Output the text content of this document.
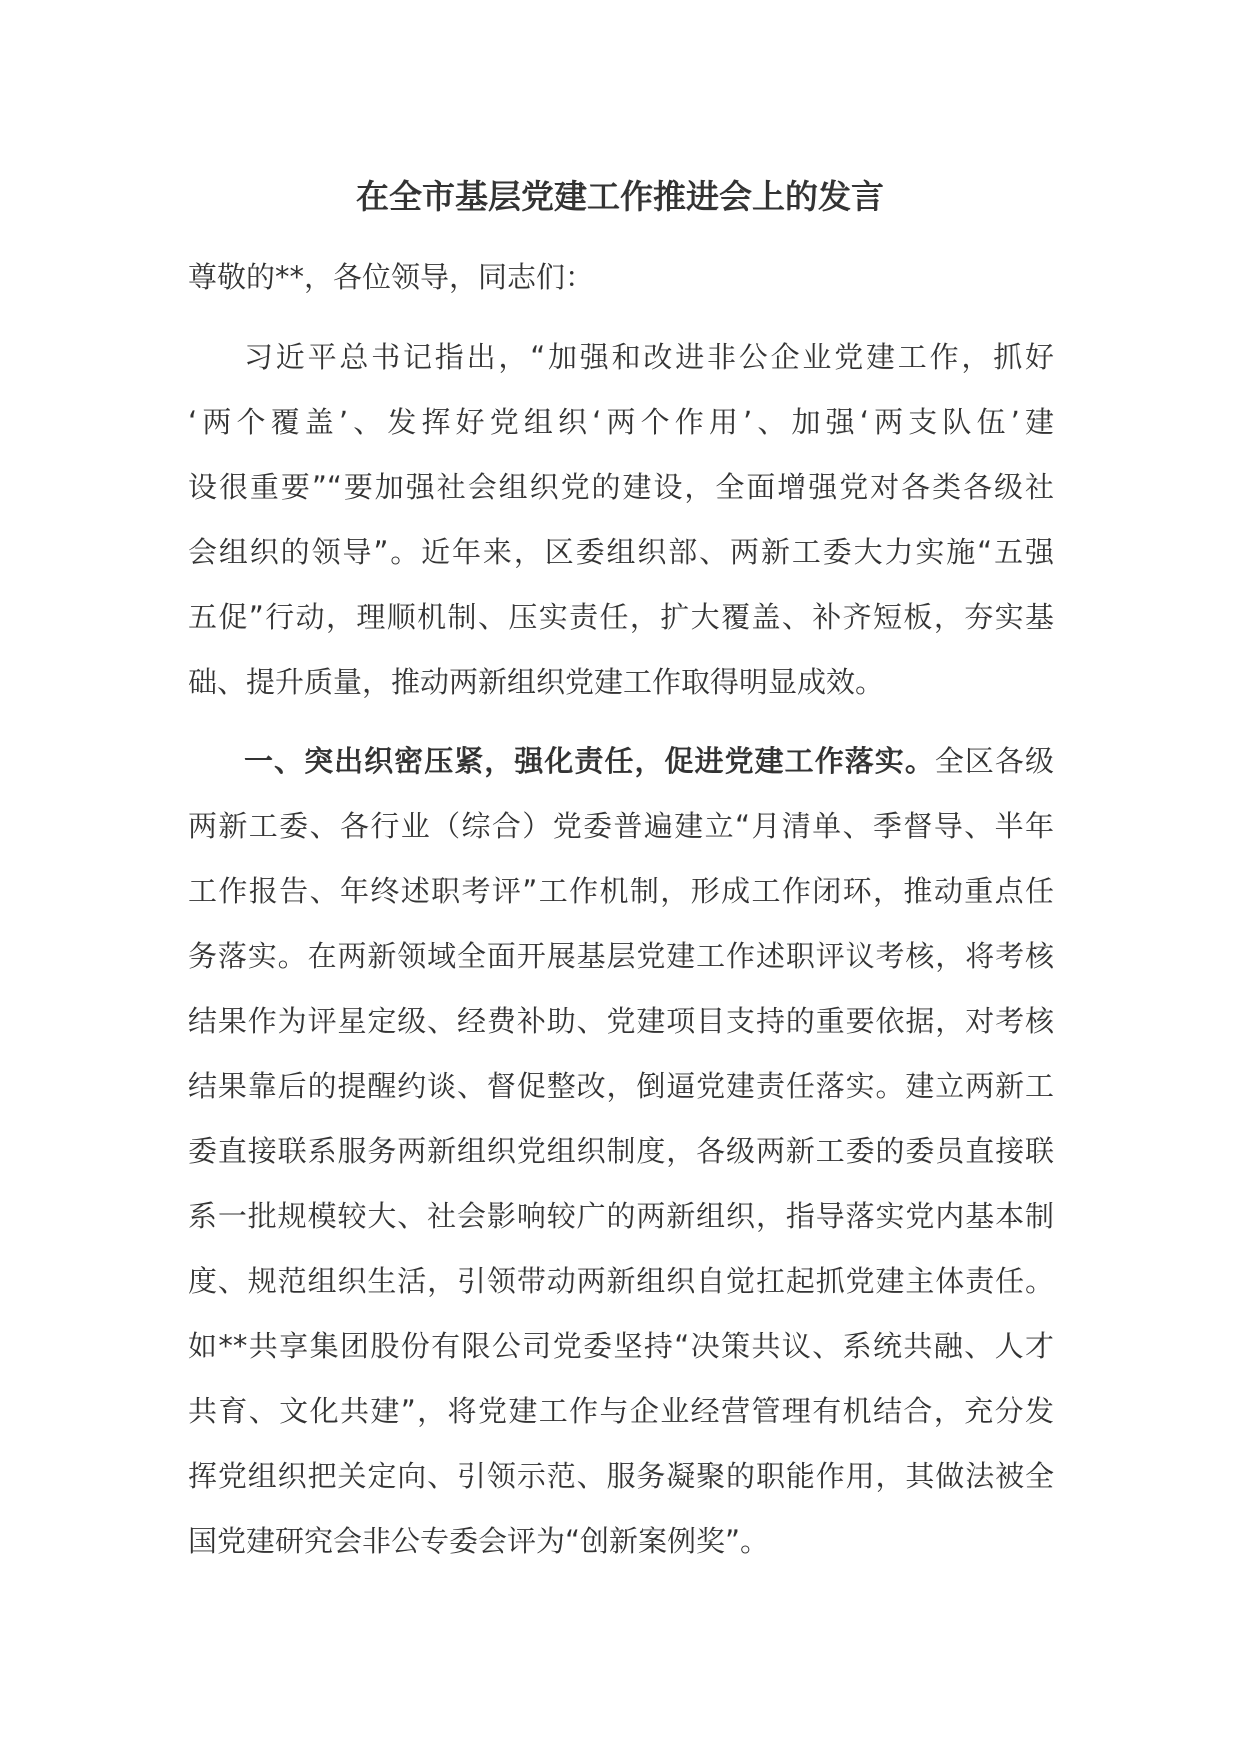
在全市基层党建工作推进会上的发言
尊敬的**，各位领导，同志们：
习近平总书记指出，“加强和改进非公企业党建工作，抓好
‘两个覆盖’、发挥好党组织‘两个作用’、加强‘两支队伍’建
设很重要”“要加强社会组织党的建设，全面增强党对各类各级社
会组织的领导”。近年来，区委组织部、两新工委大力实施“五强
五促”行动，理顺机制、压实责任，扩大覆盖、补齐短板，夯实基
础、提升质量，推动两新组织党建工作取得明显成效。
一、突出织密压紧，强化责任，促进党建工作落实。全区各级
两新工委、各行业（综合）党委普遍建立“月清单、季督导、半年
工作报告、年终述职考评”工作机制，形成工作闭环，推动重点任
务落实。在两新领域全面开展基层党建工作述职评议考核，将考核
结果作为评星定级、经费补助、党建项目支持的重要依据，对考核
结果靠后的提醒约谈、督促整改，倒逼党建责任落实。建立两新工
委直接联系服务两新组织党组织制度，各级两新工委的委员直接联
系一批规模较大、社会影响较广的两新组织，指导落实党内基本制
度、规范组织生活，引领带动两新组织自觉扛起抓党建主体责任。
如**共享集团股份有限公司党委坚持“决策共议、系统共融、人才
共育、文化共建”，将党建工作与企业经营管理有机结合，充分发
挥党组织把关定向、引领示范、服务凝聚的职能作用，其做法被全
国党建研究会非公专委会评为“创新案例奖”。
